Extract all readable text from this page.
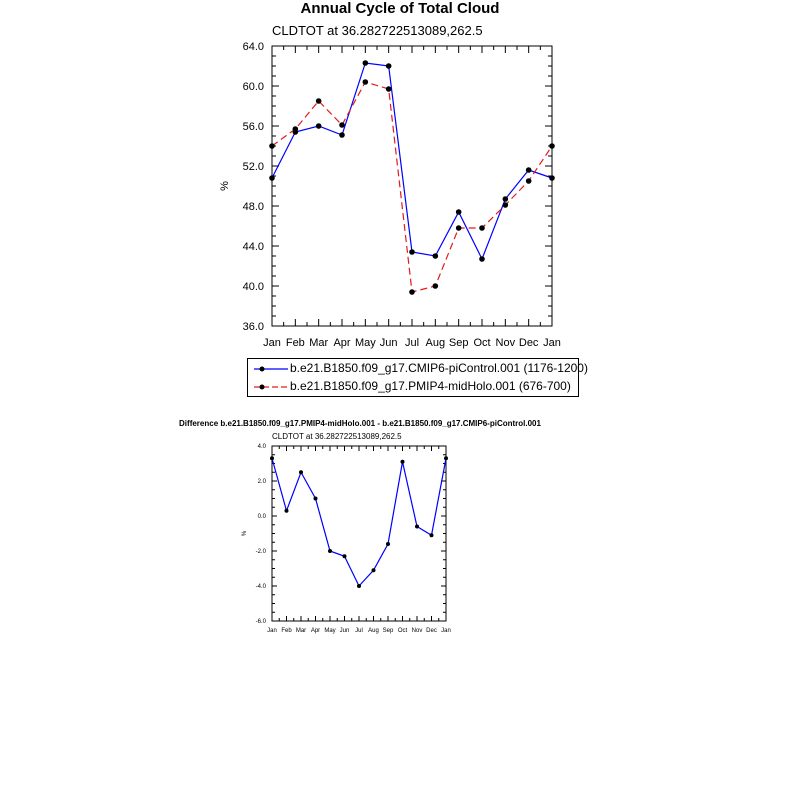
Annual Cycle of Total Cloud
CLDTOT at 36.282722513089,262.5
Jan Feb Mar Apr May Jun Jul Aug Sep Oct Nov Dec Jan
36.0
40.0
44.0
48.0
52.0
56.0
60.0
64.0
%
b.e21.B1850.f09_g17.CMIP6-piControl.001 (1176-1200)
b.e21.B1850.f09_g17.PMIP4-midHolo.001 (676-700)
Difference b.e21.B1850.f09_g17.PMIP4-midHolo.001 - b.e21.B1850.f09_g17.CMIP6-piControl.001
CLDTOT at 36.282722513089,262.5
Jan Feb Mar Apr May Jun Jul Aug Sep Oct Nov Dec Jan
-6.0
-4.0
-2.0
0.0
2.0
4.0
%
